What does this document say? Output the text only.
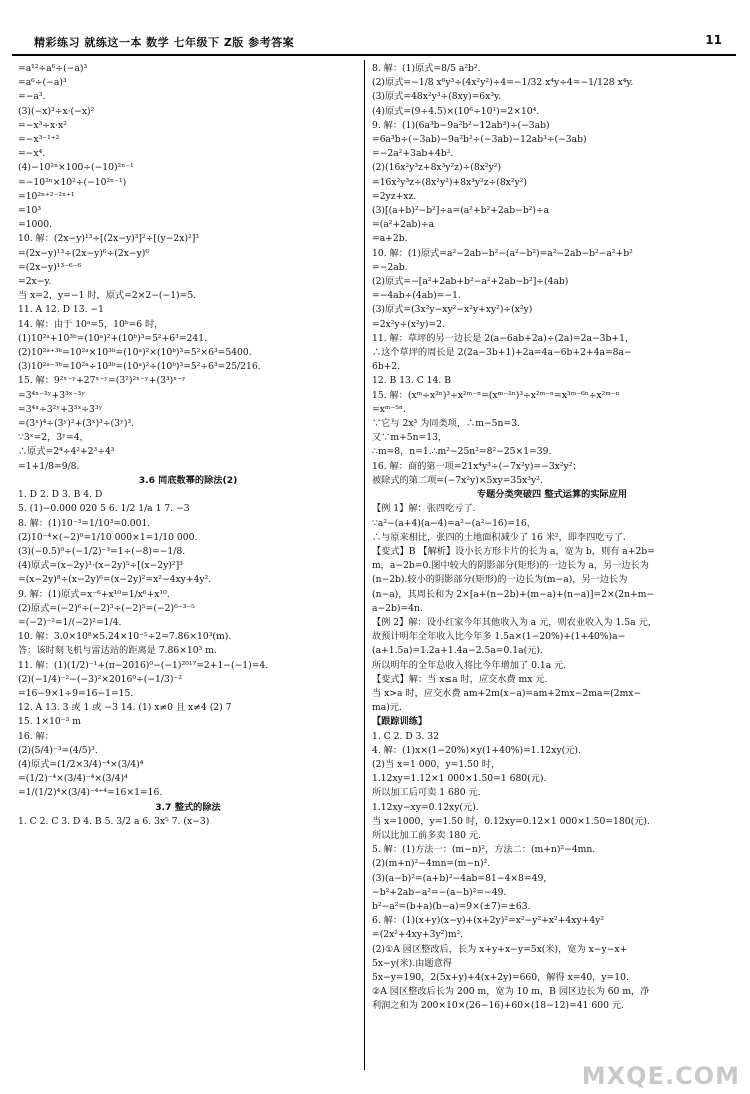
精彩练习 就练这一本 数学 七年级下 Z版 参考答案	11
=a¹²÷a⁶÷(−a)³
=a⁶÷(−a)³
=−a³.
(3)(−x)³÷x·(−x)²
=−x³÷x·x²
=−x³⁻¹⁺²
=−x⁴.
(4)−10²ⁿ×100÷(−10)²ⁿ⁻¹
=−10²ⁿ×10²÷(−10²ⁿ⁻¹)
=10²ⁿ⁺²⁻²ⁿ⁺¹
=10³
=1000.
10. 解：(2x−y)¹³÷[(2x−y)³]²÷[(y−2x)²]³
=(2x−y)¹³÷(2x−y)⁶÷(2x−y)⁶
=(2x−y)¹³⁻⁶⁻⁶
=2x−y.
当 x=2，y=−1 时，原式=2×2−(−1)=5.
11. A 12. D 13. −1
14. 解：由于 10ᵃ=5，10ᵇ=6 时，
(1)10²ᵃ+10³ᵇ=(10ᵃ)²+(10ᵇ)³=5²+6³=241.
(2)10²ᵃ⁺³ᵇ=10²ᵃ×10³ᵇ=(10ᵃ)²×(10ᵇ)³=5²×6³=5400.
(3)10²ᵃ⁻³ᵇ=10²ᵃ÷10³ᵇ=(10ᵃ)²÷(10ᵇ)³=5²÷6³=25/216.
15. 解：9²ˣ⁻ʸ+27ˣ⁻ʸ=(3²)²ˣ⁻ʸ+(3³)ˣ⁻ʸ
=3⁴ˣ⁻²ʸ+3³ˣ⁻³ʸ
=3⁴ˣ÷3²ʸ+3³ˣ÷3³ʸ
=(3ˣ)⁴÷(3ʸ)²+(3ˣ)³÷(3ʸ)³.
∵3ˣ=2，3ʸ=4，
∴原式=2⁴÷4²+2³÷4³
=1+1/8=9/8.
3.6 同底数幂的除法(2)
1. D 2. D 3. B 4. D
5. (1)−0.000 020 5 6. 1/2 1/a 1 7. −3
8. 解：(1)10⁻³=1/10³=0.001.
(2)10⁻⁴×(−2)⁰=1/10 000×1=1/10 000.
(3)(−0.5)⁰÷(−1/2)⁻³=1÷(−8)=−1/8.
(4)原式=(x−2y)³·(x−2y)⁵÷[(x−2y)²]³
=(x−2y)⁸÷(x−2y)⁶=(x−2y)²=x²−4xy+4y².
9. 解：(1)原式=x⁻⁶+x¹⁰=1/x⁶+x¹⁰.
(2)原式=(−2)⁶÷(−2)³÷(−2)⁵=(−2)⁶⁻³⁻⁵
=(−2)⁻²=1/(−2)²=1/4.
10. 解：3.0×10⁸×5.24×10⁻⁵÷2=7.86×10³(m).
答：该时刻飞机与雷达站的距离是 7.86×10³ m.
11. 解：(1)(1/2)⁻¹+(π−2016)⁰−(−1)²⁰¹⁷=2+1−(−1)=4.
(2)(−1/4)⁻²−(−3)²×2016⁰÷(−1/3)⁻²
=16−9×1÷9=16−1=15.
12. A 13. 3 或 1 或 −3 14. (1) x≠0 且 x≠4 (2) 7
15. 1×10⁻³ m
16. 解：
(2)(5/4)⁻³=(4/5)³.
(4)原式=(1/2×3/4)⁻⁴×(3/4)⁴
=(1/2)⁻⁴×(3/4)⁻⁴×(3/4)⁴
=1/(1/2)⁴×(3/4)⁻⁴⁺⁴=16×1=16.
3.7 整式的除法
1. C 2. C 3. D 4. B 5. 3/2 a 6. 3x⁵ 7. (x−3)
8. 解：(1)原式=8/5 a²b².
(2)原式=−1/8 x⁶y³÷(4x²y²)÷4=−1/32 x⁴y÷4=−1/128 x⁴y.
(3)原式=48x²y³÷(8xy)=6x³y.
(4)原式=(9÷4.5)×(10⁶÷10¹)=2×10⁴.
9. 解：(1)(6a³b−9a²b²−12ab³)÷(−3ab)
=6a³b÷(−3ab)−9a²b²÷(−3ab)−12ab³÷(−3ab)
=−2a²+3ab+4b².
(2)(16x²y³z+8x³y²z)÷(8x²y²)
=16x²y³z÷(8x²y²)+8x³y²z÷(8x²y²)
=2yz+xz.
(3)[(a+b)²−b²]÷a=(a²+b²+2ab−b²)÷a
=(a²+2ab)÷a
=a+2b.
10. 解：(1)原式=a²−2ab−b²−(a²−b²)=a²−2ab−b²−a²+b²
=−2ab.
(2)原式=−[a²+2ab+b²−a²+2ab−b²]÷(4ab)
=−4ab÷(4ab)=−1.
(3)原式=(3x²y−xy²−x²y+xy²)÷(x²y)
=2x²y÷(x²y)=2.
11. 解：草坪的另一边长是 2(a−6ab+2a)÷(2a)=2a−3b+1，
∴这个草坪的周长是 2(2a−3b+1)+2a=4a−6b+2+4a=8a−
6b+2.
12. B 13. C 14. B
15. 解：(xᵐ÷x²ⁿ)³÷x²ᵐ⁻ⁿ=(xᵐ⁻²ⁿ)³÷x²ᵐ⁻ⁿ=x³ᵐ⁻⁶ⁿ÷x²ᵐ⁻ⁿ
=xᵐ⁻⁵ⁿ.
∵它与 2x³ 为同类项，∴m−5n=3.
又∵m+5n=13，
∴m=8，n=1.∴m²−25n²=8²−25×1=39.
16. 解：商的第一项=21x⁴y³÷(−7x²y)=−3x²y²；
被除式的第二项=(−7x²y)×5xy=35x³y².
专题分类突破四 整式运算的实际应用
【例 1】解：张四吃亏了.
∵a²−(a+4)(a−4)=a²−(a²−16)=16，
∴与原来相比，张四的土地面积减少了 16 米²，即李四吃亏了.
【变式】B 【解析】设小长方形卡片的长为 a，宽为 b，则有 a+2b=
m，a−2b=0.图中较大的阴影部分(矩形)的一边长为 a，另一边长为
(n−2b).较小的阴影部分(矩形)的一边长为(m−a)，另一边长为
(n−a)，其周长和为 2×[a+(n−2b)+(m−a)+(n−a)]=2×(2n+m−
a−2b)=4n.
【例 2】解：设小红家今年其他收入为 a 元，则农业收入为 1.5a 元，
故预计明年全年收入比今年多 1.5a×(1−20%)+(1+40%)a−
(a+1.5a)=1.2a+1.4a−2.5a=0.1a(元).
所以明年的全年总收入将比今年增加了 0.1a 元.
【变式】解：当 x≤a 时，应交水费 mx 元.
当 x>a 时，应交水费 am+2m(x−a)=am+2mx−2ma=(2mx−
ma)元.
【跟踪训练】
1. C 2. D 3. 32
4. 解：(1)x×(1−20%)×y(1+40%)=1.12xy(元).
(2)当 x=1 000，y=1.50 时，
1.12xy=1.12×1 000×1.50=1 680(元).
所以加工后可卖 1 680 元.
1.12xy−xy=0.12xy(元).
当 x=1000，y=1.50 时，0.12xy=0.12×1 000×1.50=180(元).
所以比加工前多卖 180 元.
5. 解：(1)方法一：(m−n)²，方法二：(m+n)²−4mn.
(2)(m+n)²−4mn=(m−n)².
(3)(a−b)²=(a+b)²−4ab=81−4×8=49，
−b²+2ab−a²=−(a−b)²=−49.
b²−a²=(b+a)(b−a)=9×(±7)=±63.
6. 解：(1)(x+y)(x−y)+(x+2y)²=x²−y²+x²+4xy+4y²
=(2x²+4xy+3y²)m².
(2)①A 园区整改后，长为 x+y+x−y=5x(米)，宽为 x−y−x+
5x−y(米).由题意得
5x−y=190，2(5x+y)+4(x+2y)=660，解得 x=40，y=10.
②A 园区整改后长为 200 m，宽为 10 m，B 园区边长为 60 m，净
利润之和为 200×10×(26−16)+60×(18−12)=41 600 元.
MXQE.COM
